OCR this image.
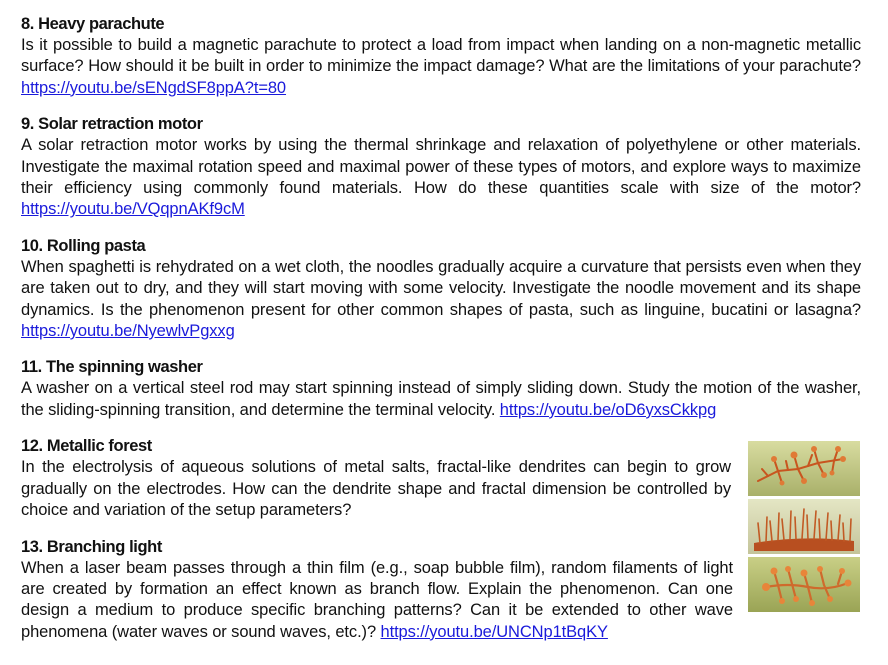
8. Heavy parachute

Is it possible to build a magnetic parachute to protect a load from impact when landing on a non-magnetic metallic surface? How should it be built in order to minimize the impact damage? What are the limitations of your parachute? https://youtu.be/sENgdSF8ppA?t=80

9. Solar retraction motor

A solar retraction motor works by using the thermal shrinkage and relaxation of polyethylene or other materials. Investigate the maximal rotation speed and maximal power of these types of motors, and explore ways to maximize their efficiency using commonly found materials. How do these quantities scale with size of the motor? https://youtu.be/VQqpnAKf9cM

10. Rolling pasta

When spaghetti is rehydrated on a wet cloth, the noodles gradually acquire a curvature that persists even when they are taken out to dry, and they will start moving with some velocity. Investigate the noodle movement and its shape dynamics. Is the phenomenon present for other common shapes of pasta, such as linguine, bucatini or lasagna? https://youtu.be/NyewlvPgxxg

11. The spinning washer

A washer on a vertical steel rod may start spinning instead of simply sliding down. Study the motion of the washer, the sliding-spinning transition, and determine the terminal velocity. https://youtu.be/oD6yxsCkkpg

12. Metallic forest

In the electrolysis of aqueous solutions of metal salts, fractal-like dendrites can begin to grow gradually on the electrodes. How can the dendrite shape and fractal dimension be controlled by choice and variation of the setup parameters?

13. Branching light

When a laser beam passes through a thin film (e.g., soap bubble film), random filaments of light are created by formation an effect known as branch flow. Explain the phenomenon. Can one design a medium to produce specific branching patterns? Can it be extended to other wave phenomena (water waves or sound waves, etc.)? https://youtu.be/UNCNp1tBqKY
